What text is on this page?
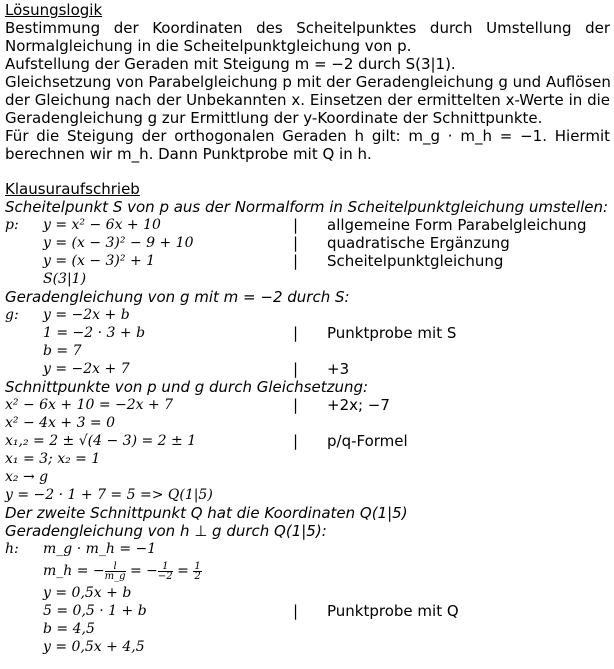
Lösungslogik
Bestimmung der Koordinaten des Scheitelpunktes durch Umstellung der
Normalgleichung in die Scheitelpunktgleichung von p.
Aufstellung der Geraden mit Steigung m = −2 durch S(3|1).
Gleichsetzung von Parabelgleichung p mit der Geradengleichung g und Auflösen
der Gleichung nach der Unbekannten x. Einsetzen der ermittelten x-Werte in die
Geradengleichung g zur Ermittlung der y-Koordinate der Schnittpunkte.
Für die Steigung der orthogonalen Geraden h gilt: m_g · m_h = −1. Hiermit
berechnen wir m_h. Dann Punktprobe mit Q in h.
Klausuraufschrieb
Scheitelpunkt S von p aus der Normalform in Scheitelpunktgleichung umstellen:
p: y = x² − 6x + 10	| allgemeine Form Parabelgleichung
y = (x − 3)² − 9 + 10	| quadratische Ergänzung
y = (x − 3)² + 1	| Scheitelpunktgleichung
S(3|1)
Geradengleichung von g mit m = −2 durch S:
g: y = −2x + b
1 = −2 · 3 + b	| Punktprobe mit S
b = 7
y = −2x + 7	| +3
Schnittpunkte von p und g durch Gleichsetzung:
x² − 6x + 10 = −2x + 7	| +2x; −7
x² − 4x + 3 = 0
x₁,₂ = 2 ± √(4 − 3) = 2 ± 1	| p/q-Formel
x₁ = 3; x₂ = 1
x₂ → g
y = −2 · 1 + 7 = 5 => Q(1|5)
Der zweite Schnittpunkt Q hat die Koordinaten Q(1|5)
Geradengleichung von h ⊥ g durch Q(1|5):
h: m_g · m_h = −1
m_h = − $\frac{l}{m\_g}$ = − $\frac{1}{-2} = \frac{1}{2}$
y = 0,5x + b
5 = 0,5 · 1 + b	| Punktprobe mit Q
b = 4,5
y = 0,5x + 4,5
